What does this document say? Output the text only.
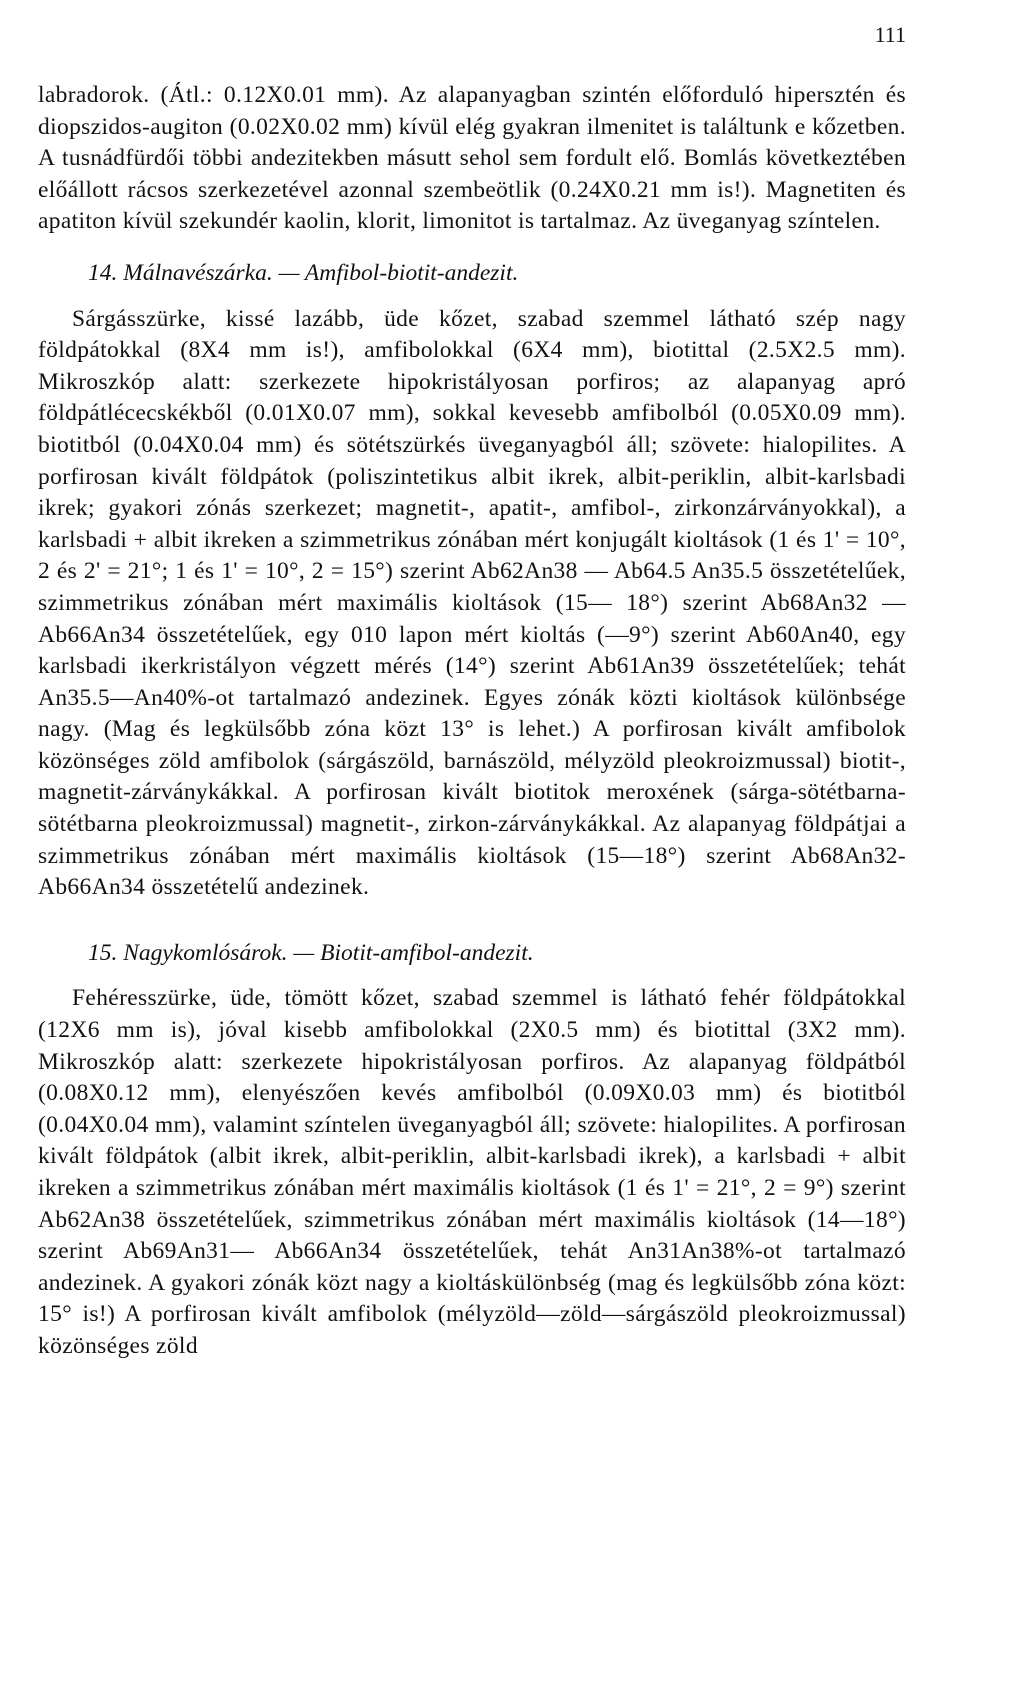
111

labradorok. (Átl.: 0.12X0.01 mm). Az alapanyagban szintén előforduló hipersztén és diopszidos-augiton (0.02X0.02 mm) kívül elég gyakran ilmenitet is találtunk e kőzetben. A tusnádfürdői többi andezitekben másutt sehol sem fordult elő. Bomlás következtében előállott rácsos szerkezetével azonnal szembeötlik (0.24X0.21 mm is!). Magnetiten és apatiton kívül szekundér kaolin, klorit, limonitot is tartalmaz. Az üveganyag színtelen.

14. Málnavészárka. — Amfibol-biotit-andezit.

Sárgásszürke, kissé lazább, üde kőzet, szabad szemmel látható szép nagy földpátokkal (8X4 mm is!), amfibolokkal (6X4 mm), biotittal (2.5X2.5 mm). Mikroszkóp alatt: szerkezete hipokristályosan porfiros; az alapanyag apró földpátlécecskékből (0.01X0.07 mm), sokkal kevesebb amfibolból (0.05X0.09 mm). biotitból (0.04X0.04 mm) és sötétszürkés üveganyagból áll; szövete: hialopilites. A porfirosan kivált földpátok (poliszintetikus albit ikrek, albit-periklin, albit-karlsbadi ikrek; gyakori zónás szerkezet; magnetit-, apatit-, amfibol-, zirkonzárványokkal), a karlsbadi + albit ikreken a szimmetrikus zónában mért konjugált kioltások (1 és 1' = 10°, 2 és 2' = 21°; 1 és 1' = 10°, 2 = 15°) szerint Ab62An38 — Ab64.5 An35.5 összetételűek, szimmetrikus zónában mért maximális kioltások (15— 18°) szerint Ab68An32 — Ab66An34 összetételűek, egy 010 lapon mért kioltás (—9°) szerint Ab60An40, egy karlsbadi ikerkristályon végzett mérés (14°) szerint Ab61An39 összetételűek; tehát An35.5—An40%-ot tartalmazó andezinek. Egyes zónák közti kioltások különbsége nagy. (Mag és legkülsőbb zóna közt 13° is lehet.) A porfirosan kivált amfibolok közönséges zöld amfibolok (sárgászöld, barnászöld, mélyzöld pleokroizmussal) biotit-, magnetit-zárványkákkal. A porfirosan kivált biotitok meroxének (sárga-sötétbarna-sötétbarna pleokroizmussal) magnetit-, zirkon-zárványkákkal. Az alapanyag földpátjai a szimmetrikus zónában mért maximális kioltások (15—18°) szerint Ab68An32- Ab66An34 összetételű andezinek.

15. Nagykomlósárok. — Biotit-amfibol-andezit.

Fehéresszürke, üde, tömött kőzet, szabad szemmel is látható fehér földpátokkal (12X6 mm is), jóval kisebb amfibolokkal (2X0.5 mm) és biotittal (3X2 mm). Mikroszkóp alatt: szerkezete hipokristályosan porfiros. Az alapanyag földpátból (0.08X0.12 mm), elenyészően kevés amfibolból (0.09X0.03 mm) és biotitból (0.04X0.04 mm), valamint színtelen üveganyagból áll; szövete: hialopilites. A porfirosan kivált földpátok (albit ikrek, albit-periklin, albit-karlsbadi ikrek), a karlsbadi + albit ikreken a szimmetrikus zónában mért maximális kioltások (1 és 1' = 21°, 2 = 9°) szerint Ab62An38 összetételűek, szimmetrikus zónában mért maximális kioltások (14—18°) szerint Ab69An31— Ab66An34 összetételűek, tehát An31An38%-ot tartalmazó andezinek. A gyakori zónák közt nagy a kioltáskülönbség (mag és legkülsőbb zóna közt: 15° is!) A porfirosan kivált amfibolok (mélyzöld—zöld—sárgászöld pleokroizmussal) közönséges zöld
